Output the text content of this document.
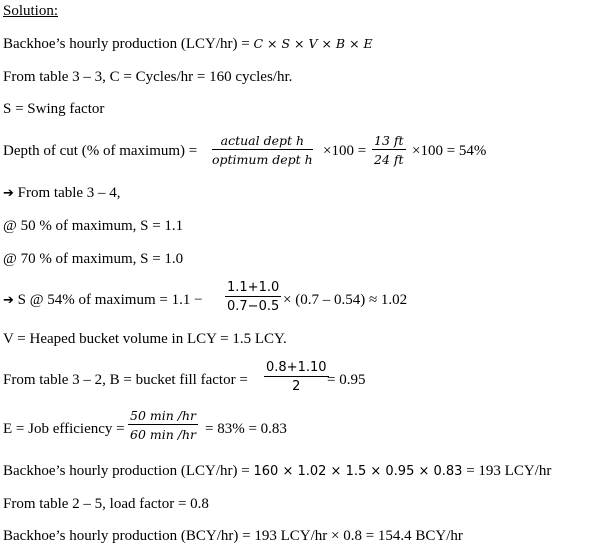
Solution:
Backhoe’s hourly production (LCY/hr) = C × S × V × B × E
From table 3 – 3, C = Cycles/hr = 160 cycles/hr.
S = Swing factor
Depth of cut (% of maximum) =
actual dept h
optimum dept h
$\times 100 = \frac{13 ft}{24 ft} \times 100 = 54\%$
➔ From table 3 – 4,
@ 50 % of maximum, S = 1.1
@ 70 % of maximum, S = 1.0
➔ S @ 54% of maximum = $1.1 - \frac{1.1+1.0}{0.7-0.5} \times (0.7 - 0.54) \approx 1.02$
V = Heaped bucket volume in LCY = 1.5 LCY.
From table 3 – 2, B = bucket fill factor = $\frac{0.8+1.10}{2}$
= 0.95
E = Job efficiency =
50 min /hr
60 min /hr = 83% = 0.83
Backhoe’s hourly production (LCY/hr) = 160 × 1.02 × 1.5 × 0.95 × 0.83 = 193 LCY/hr
From table 2 – 5, load factor = 0.8
Backhoe’s hourly production (BCY/hr) = 193 LCY/hr × 0.8 = 154.4 BCY/hr
